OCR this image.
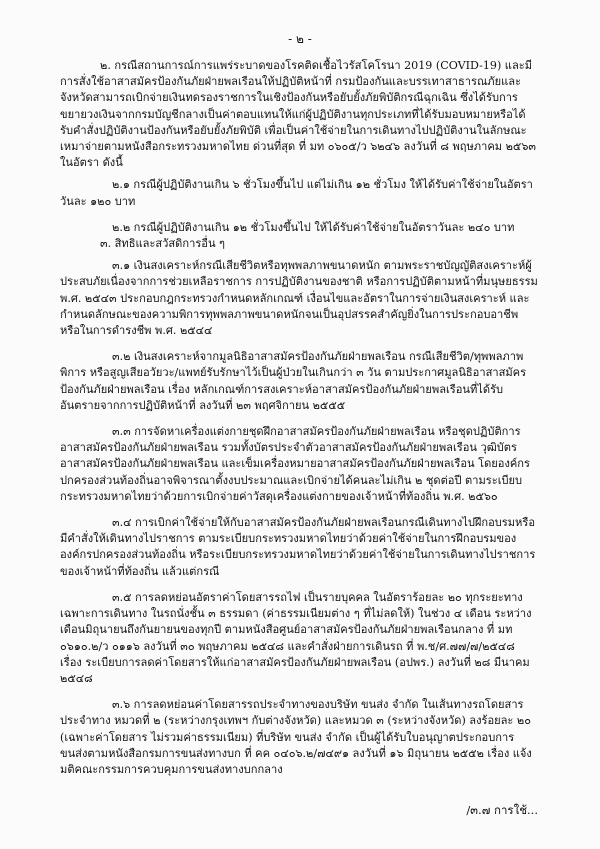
- ๒ -

๒. กรณีสถานการณ์การแพร่ระบาดของโรคติดเชื้อไวรัสโคโรนา 2019 (COVID-19) และมีการสั่งใช้อาสาสมัครป้องกันภัยฝ่ายพลเรือนให้ปฏิบัติหน้าที่ กรมป้องกันและบรรเทาสาธารณภัยและจังหวัดสามารถเบิกจ่ายเงินทดรองราชการในเชิงป้องกันหรือยับยั้งภัยพิบัติกรณีฉุกเฉิน ซึ่งได้รับการขยายวงเงินจากกรมบัญชีกลางเป็นค่าตอบแทนให้แก่ผู้ปฏิบัติงานทุกประเภทที่ได้รับมอบหมายหรือได้รับคำสั่งปฏิบัติงานป้องกันหรือยับยั้งภัยพิบัติ เพื่อเป็นค่าใช้จ่ายในการเดินทางไปปฏิบัติงานในลักษณะเหมาจ่ายตามหนังสือกระทรวงมหาดไทย ด่วนที่สุด ที่ มท ๐๖๐๕/ว ๖๒๔๖ ลงวันที่ ๘ พฤษภาคม ๒๕๖๓ ในอัตรา ดังนี้

๒.๑ กรณีผู้ปฏิบัติงานเกิน ๖ ชั่วโมงขึ้นไป แต่ไม่เกิน ๑๒ ชั่วโมง ให้ได้รับค่าใช้จ่ายในอัตราวันละ ๑๒๐ บาท

๒.๒ กรณีผู้ปฏิบัติงานเกิน ๑๒ ชั่วโมงขึ้นไป ให้ได้รับค่าใช้จ่ายในอัตราวันละ ๒๔๐ บาท

๓. สิทธิและสวัสดิการอื่น ๆ

๓.๑ เงินสงเคราะห์กรณีเสียชีวิตหรือทุพพลภาพขนาดหนัก ตามพระราชบัญญัติสงเคราะห์ผู้ประสบภัยเนื่องจากการช่วยเหลือราชการ การปฏิบัติงานของชาติ หรือการปฏิบัติตามหน้าที่มนุษยธรรม พ.ศ. ๒๕๔๓ ประกอบกฎกระทรวงกำหนดหลักเกณฑ์ เงื่อนไขและอัตราในการจ่ายเงินสงเคราะห์ และกำหนดลักษณะของความพิการทุพพลภาพขนาดหนักจนเป็นอุปสรรคสำคัญยิ่งในการประกอบอาชีพ หรือในการดำรงชีพ พ.ศ. ๒๕๔๔

๓.๒ เงินสงเคราะห์จากมูลนิธิอาสาสมัครป้องกันภัยฝ่ายพลเรือน กรณีเสียชีวิต/ทุพพลภาพพิการ หรือสูญเสียอวัยวะ/แพทย์รับรักษาไว้เป็นผู้ป่วยในเกินกว่า ๓ วัน ตามประกาศมูลนิธิอาสาสมัครป้องกันภัยฝ่ายพลเรือน เรื่อง หลักเกณฑ์การสงเคราะห์อาสาสมัครป้องกันภัยฝ่ายพลเรือนที่ได้รับอันตรายจากการปฏิบัติหน้าที่ ลงวันที่ ๒๓ พฤศจิกายน ๒๕๕๕

๓.๓ การจัดหาเครื่องแต่งกายชุดฝึกอาสาสมัครป้องกันภัยฝ่ายพลเรือน หรือชุดปฏิบัติการอาสาสมัครป้องกันภัยฝ่ายพลเรือน รวมทั้งบัตรประจำตัวอาสาสมัครป้องกันภัยฝ่ายพลเรือน วุฒิบัตรอาสาสมัครป้องกันภัยฝ่ายพลเรือน และเข็มเครื่องหมายอาสาสมัครป้องกันภัยฝ่ายพลเรือน โดยองค์กรปกครองส่วนท้องถิ่นอาจพิจารณาตั้งงบประมาณและเบิกจ่ายได้คนละไม่เกิน ๒ ชุดต่อปี ตามระเบียบกระทรวงมหาดไทยว่าด้วยการเบิกจ่ายค่าวัสดุเครื่องแต่งกายของเจ้าหน้าที่ท้องถิ่น พ.ศ. ๒๕๖๐

๓.๔ การเบิกค่าใช้จ่ายให้กับอาสาสมัครป้องกันภัยฝ่ายพลเรือนกรณีเดินทางไปฝึกอบรมหรือมีคำสั่งให้เดินทางไปราชการ ตามระเบียบกระทรวงมหาดไทยว่าด้วยค่าใช้จ่ายในการฝึกอบรมขององค์กรปกครองส่วนท้องถิ่น หรือระเบียบกระทรวงมหาดไทยว่าด้วยค่าใช้จ่ายในการเดินทางไปราชการของเจ้าหน้าที่ท้องถิ่น แล้วแต่กรณี

๓.๕ การลดหย่อนอัตราค่าโดยสารรถไฟ เป็นรายบุคคล ในอัตราร้อยละ ๒๐ ทุกระยะทาง เฉพาะการเดินทาง ในรถนั่งชั้น ๓ ธรรมดา (ค่าธรรมเนียมต่าง ๆ ที่ไม่ลดให้) ในช่วง ๔ เดือน ระหว่างเดือนมิถุนายนถึงกันยายนของทุกปี ตามหนังสือศูนย์อาสาสมัครป้องกันภัยฝ่ายพลเรือนกลาง ที่ มท ๐๖๑๐.๒/ว ๐๑๑๖ ลงวันที่ ๓๐ พฤษภาคม ๒๕๔๘ และคำสั่งฝ่ายการเดินรถ ที่ พ.ช/ศ.๗๗/๗/๒๕๔๘ เรื่อง ระเบียบการลดค่าโดยสารให้แก่อาสาสมัครป้องกันภัยฝ่ายพลเรือน (อปพร.) ลงวันที่ ๒๘ มีนาคม ๒๕๔๘

๓.๖ การลดหย่อนค่าโดยสารรถประจำทางของบริษัท ขนส่ง จำกัด ในเส้นทางรถโดยสารประจำทาง หมวดที่ ๒ (ระหว่างกรุงเทพฯ กับต่างจังหวัด) และหมวด ๓ (ระหว่างจังหวัด) ลงร้อยละ ๒๐ (เฉพาะค่าโดยสาร ไม่รวมค่าธรรมเนียม) ที่บริษัท ขนส่ง จำกัด เป็นผู้ได้รับใบอนุญาตประกอบการขนส่งตามหนังสือกรมการขนส่งทางบก ที่ คค ๐๔๐๖.๒/๗๔๙๑ ลงวันที่ ๑๖ มิถุนายน ๒๕๕๒ เรื่อง แจ้งมติคณะกรรมการควบคุมการขนส่งทางบกกลาง

/๓.๗ การใช้...
